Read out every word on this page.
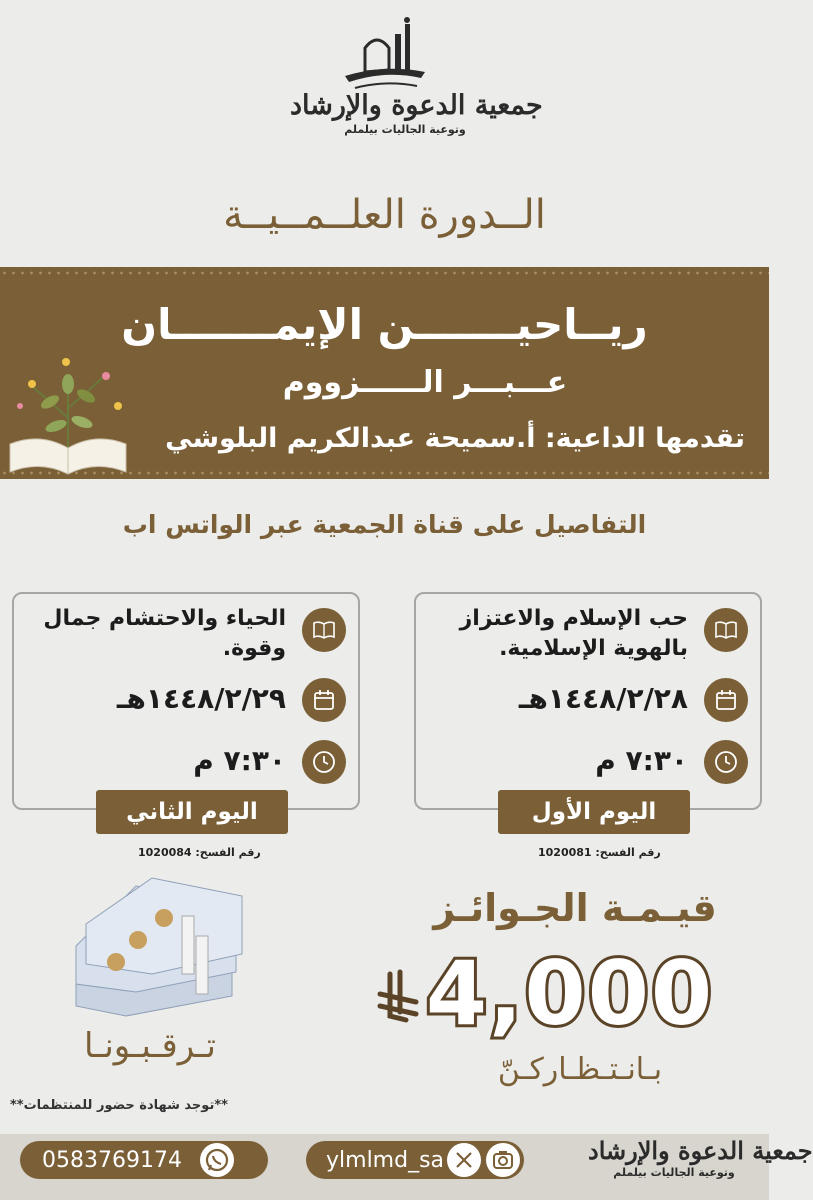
جمعية الدعوة والإرشاد
وتوعية الجاليات بيلملم
الــدورة العلــمــيــة
ريــاحيـــــــن الإيمـــــــان
عـــبـــر الــــــزووم
تقدمها الداعية: أ.سميحة عبدالكريم البلوشي
التفاصيل على قناة الجمعية عبر الواتس اب
حب الإسلام والاعتزاز بالهوية الإسلامية.
١٤٤٨/٢/٢٨هـ
٧:٣٠ م
اليوم الأول
رقم الفسح: 1020081
الحياء والاحتشام جمال وقوة.
١٤٤٨/٢/٢٩هـ
٧:٣٠ م
اليوم الثاني
رقم الفسح: 1020084
قيـمـة الجـوائـز
4,000
بـانـتـظـاركـنّ
تـرقـبـونـا
**توجد شهادة حضور للمنتظمات**
0583769174	ylmlmd_sa	جمعية الدعوة والإرشاد
وتوعية الجاليات بيلملم
